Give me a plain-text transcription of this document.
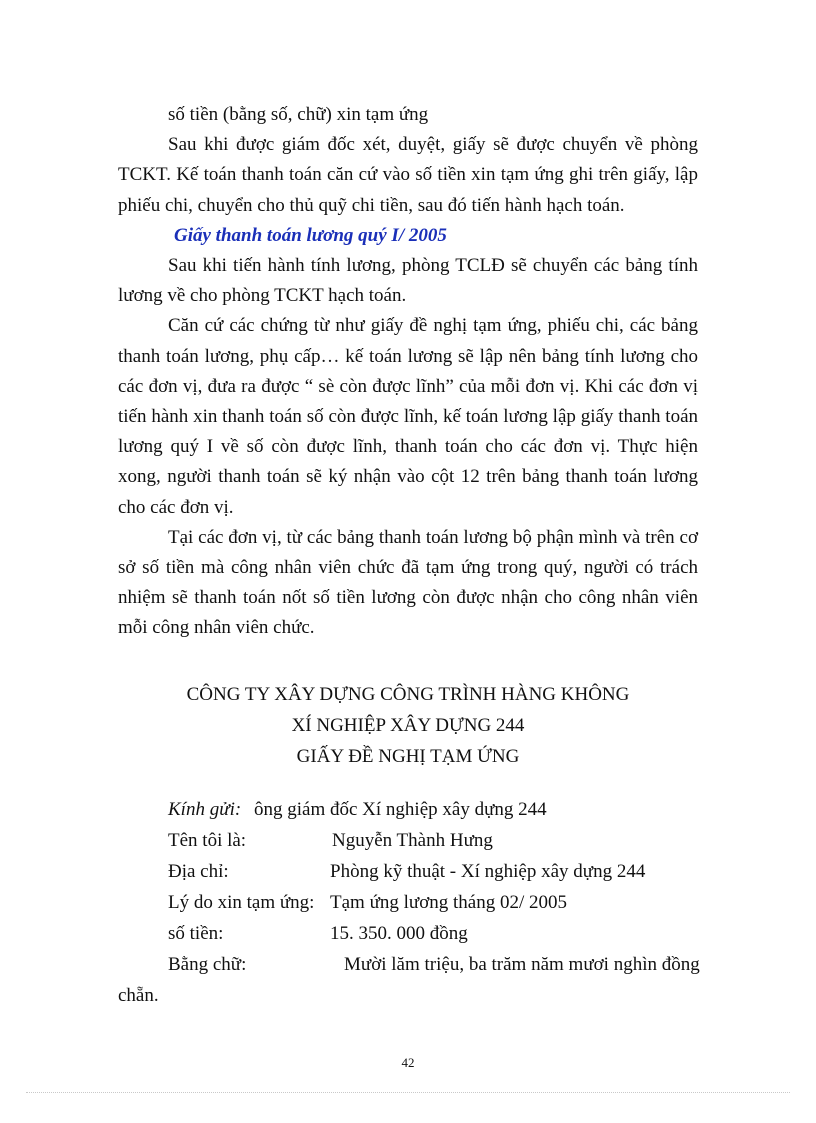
số tiền (bằng số, chữ) xin tạm ứng

Sau khi được giám đốc xét, duyệt, giấy sẽ được chuyển về phòng TCKT. Kế toán thanh toán căn cứ vào số tiền xin tạm ứng ghi trên giấy, lập phiếu chi, chuyển cho thủ quỹ chi tiền, sau đó tiến hành hạch toán.

Giấy thanh toán lương quý I/ 2005

Sau khi tiến hành tính lương, phòng TCLĐ sẽ chuyển các bảng tính lương về cho phòng TCKT hạch toán.

Căn cứ các chứng từ như giấy đề nghị tạm ứng, phiếu chi, các bảng thanh toán lương, phụ cấp… kế toán lương sẽ lập nên bảng tính lương cho các đơn vị, đưa ra được “ sè còn được lĩnh” của mỗi đơn vị. Khi các đơn vị tiến hành xin thanh toán số còn được lĩnh, kế toán lương lập giấy thanh toán lương quý I về số còn được lĩnh, thanh toán cho các đơn vị. Thực hiện xong, người thanh toán sẽ ký nhận vào cột 12 trên bảng thanh toán lương cho các đơn vị.

Tại các đơn vị, từ các bảng thanh toán lương bộ phận mình và trên cơ sở số tiền mà công nhân viên chức đã tạm ứng trong quý, người có trách nhiệm sẽ thanh toán nốt số tiền lương còn được nhận cho công nhân viên mỗi công nhân viên chức.

CÔNG TY XÂY DỰNG CÔNG TRÌNH HÀNG KHÔNG
XÍ NGHIỆP XÂY DỰNG 244
GIẤY ĐỀ NGHỊ TẠM ỨNG
Kính gửi: ông giám đốc Xí nghiệp xây dựng 244
Tên tôi là:	Nguyễn Thành Hưng
Địa chỉ:	Phòng kỹ thuật - Xí nghiệp xây dựng 244
Lý do xin tạm ứng: Tạm ứng lương tháng 02/ 2005
số tiền:	15. 350. 000 đồng
Bằng chữ:	Mười lăm triệu, ba trăm năm mươi nghìn đồng
chẵn.
42
